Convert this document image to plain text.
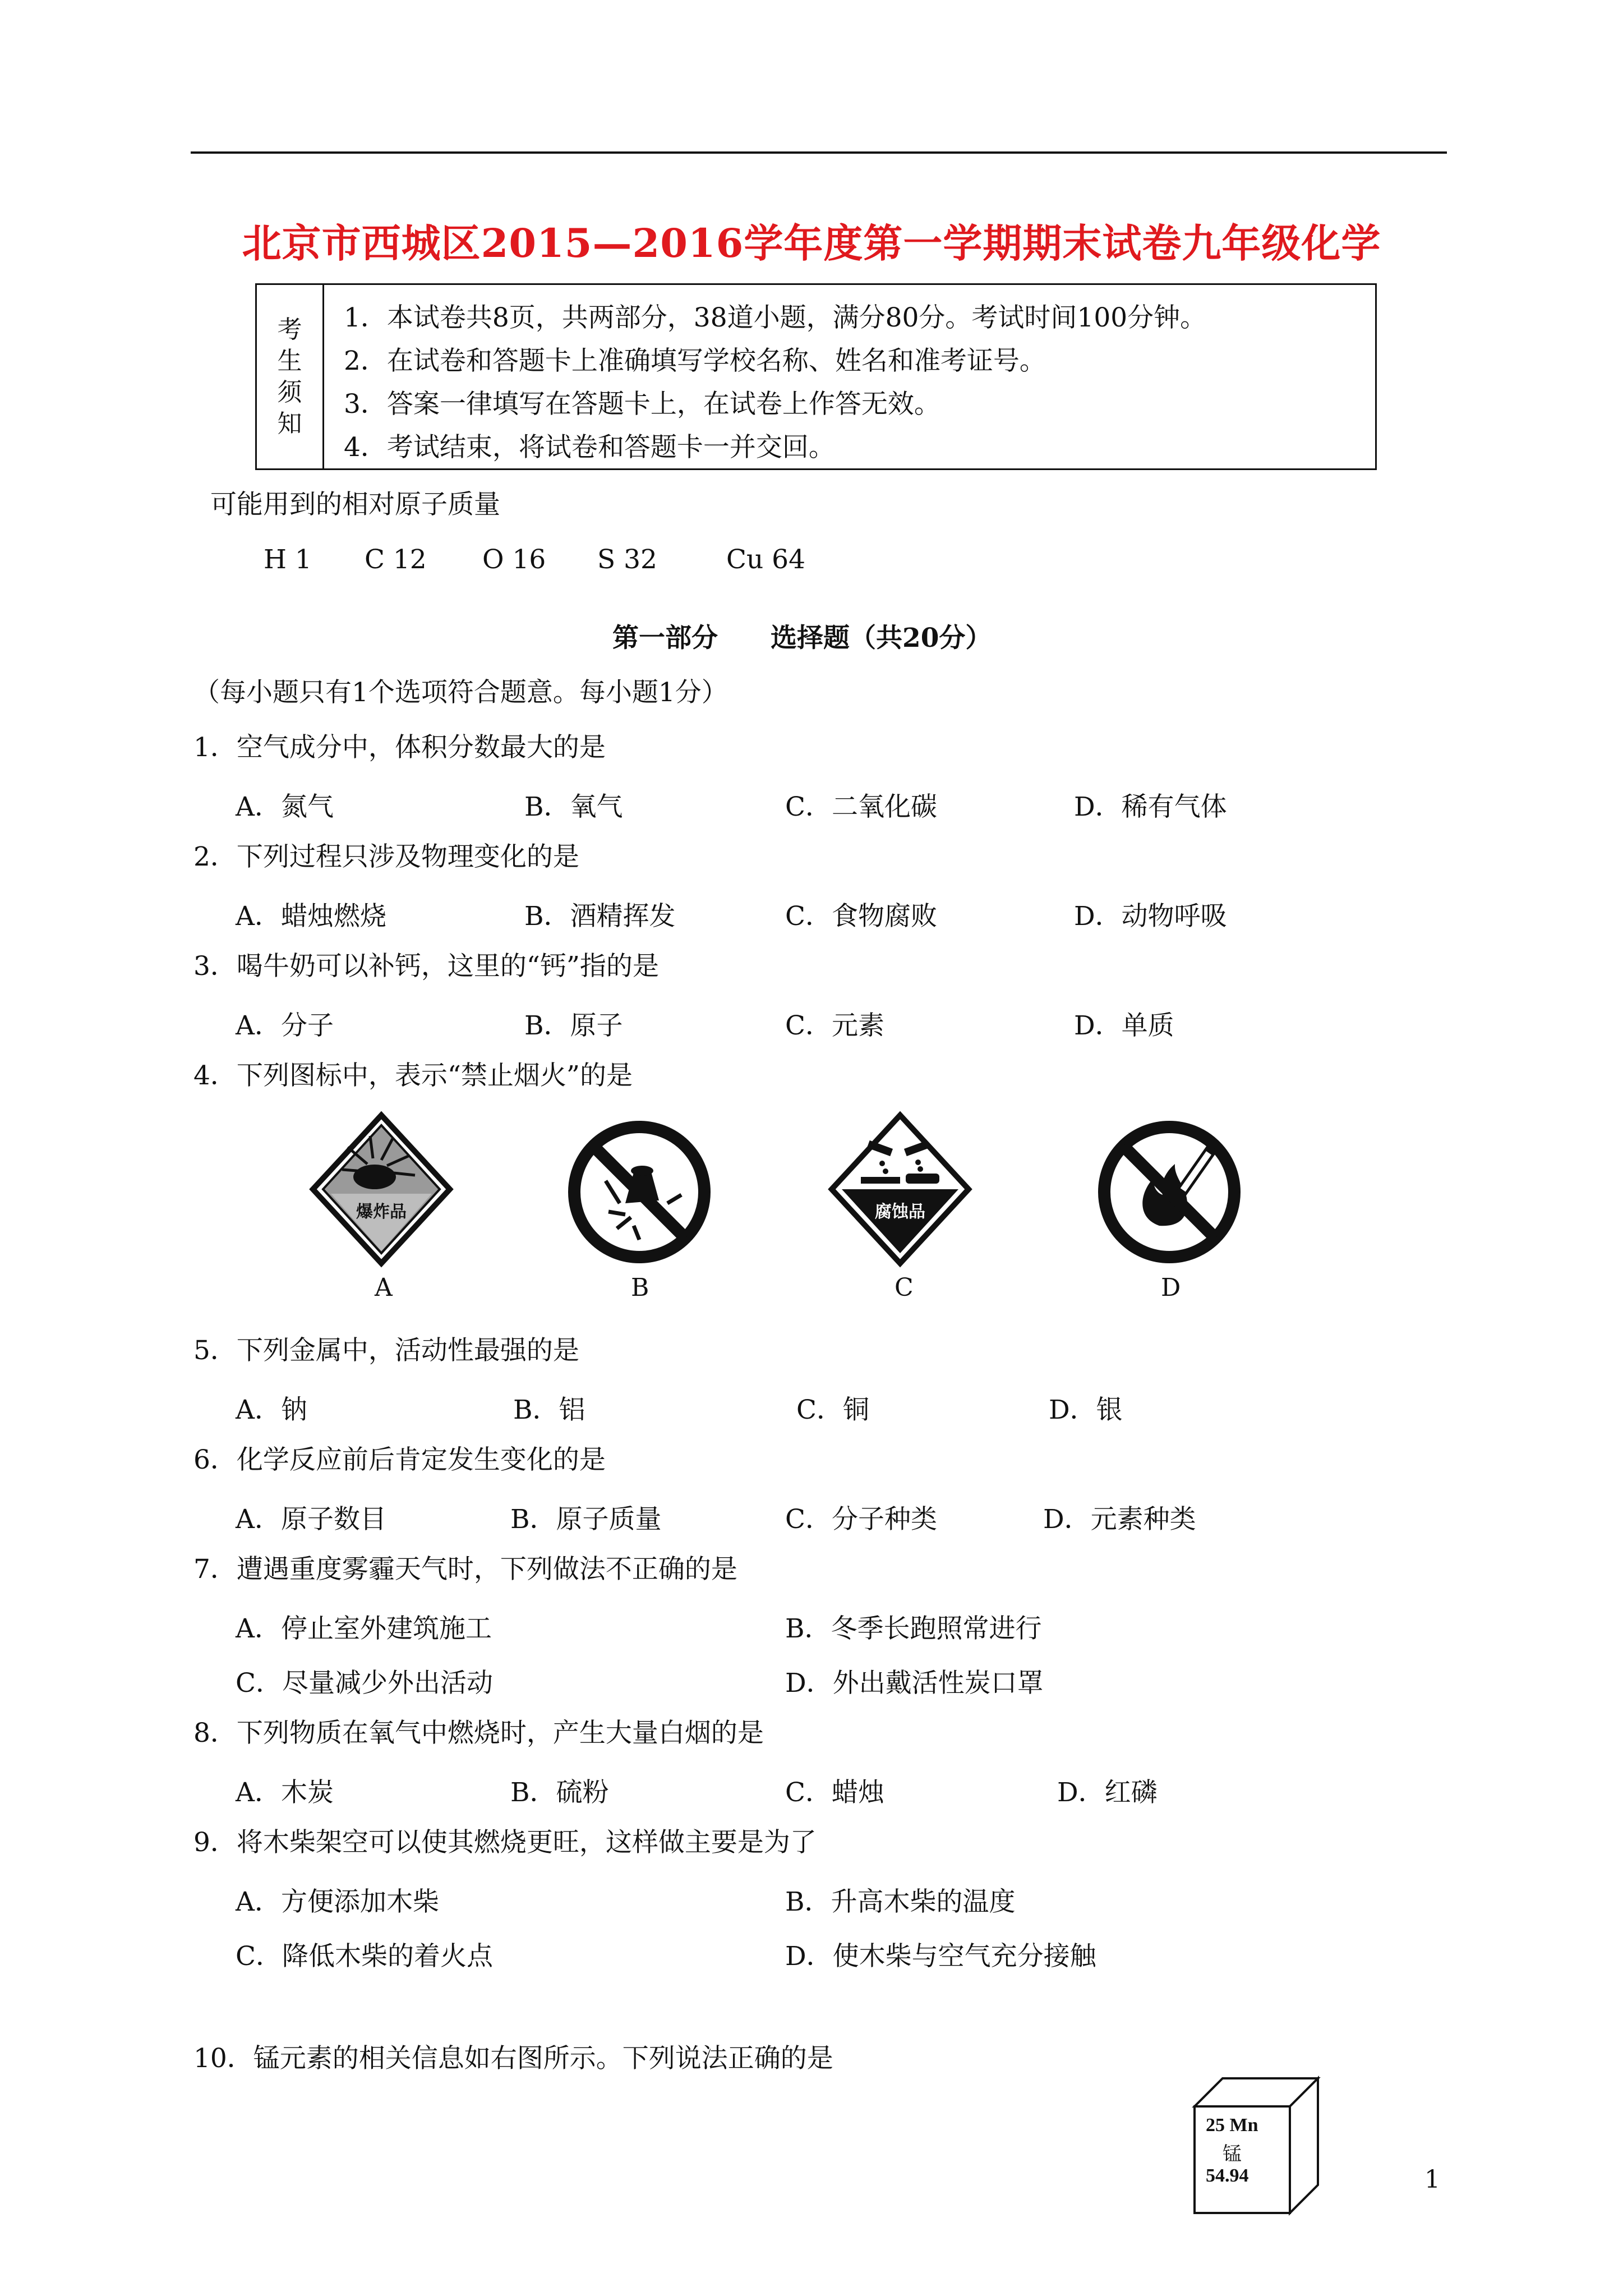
北京市西城区2015—2016学年度第一学期期末试卷九年级化学
考
生
须
知
1．本试卷共8页，共两部分，38道小题，满分80分。考试时间100分钟。
2．在试卷和答题卡上准确填写学校名称、姓名和准考证号。
3．答案一律填写在答题卡上，在试卷上作答无效。
4．考试结束，将试卷和答题卡一并交回。
可能用到的相对原子质量
H 1 C 12 O 16 S 32	Cu 64
第一部分　　选择题（共20分）
（每小题只有1个选项符合题意。每小题1分）
1．空气成分中，体积分数最大的是
A．氮气	B．氧气	C．二氧化碳	D．稀有气体
2．下列过程只涉及物理变化的是
A．蜡烛燃烧	B．酒精挥发	C．食物腐败	D．动物呼吸
3．喝牛奶可以补钙，这里的“钙”指的是
A．分子	B．原子	C．元素	D．单质
4．下列图标中，表示“禁止烟火”的是
爆炸品
A	B
腐蚀品
C	D
5．下列金属中，活动性最强的是
A．钠	B．铝	C．铜	D．银
6．化学反应前后肯定发生变化的是
A．原子数目	B．原子质量	C．分子种类	D．元素种类
7．遭遇重度雾霾天气时，下列做法不正确的是
A．停止室外建筑施工	B．冬季长跑照常进行
C．尽量减少外出活动	D．外出戴活性炭口罩
8．下列物质在氧气中燃烧时，产生大量白烟的是
A．木炭	B．硫粉	C．蜡烛	D．红磷
9．将木柴架空可以使其燃烧更旺，这样做主要是为了
A．方便添加木柴	B．升高木柴的温度
C．降低木柴的着火点	D．使木柴与空气充分接触
10．锰元素的相关信息如右图所示。下列说法正确的是
25 Mn
锰
54.94	1
